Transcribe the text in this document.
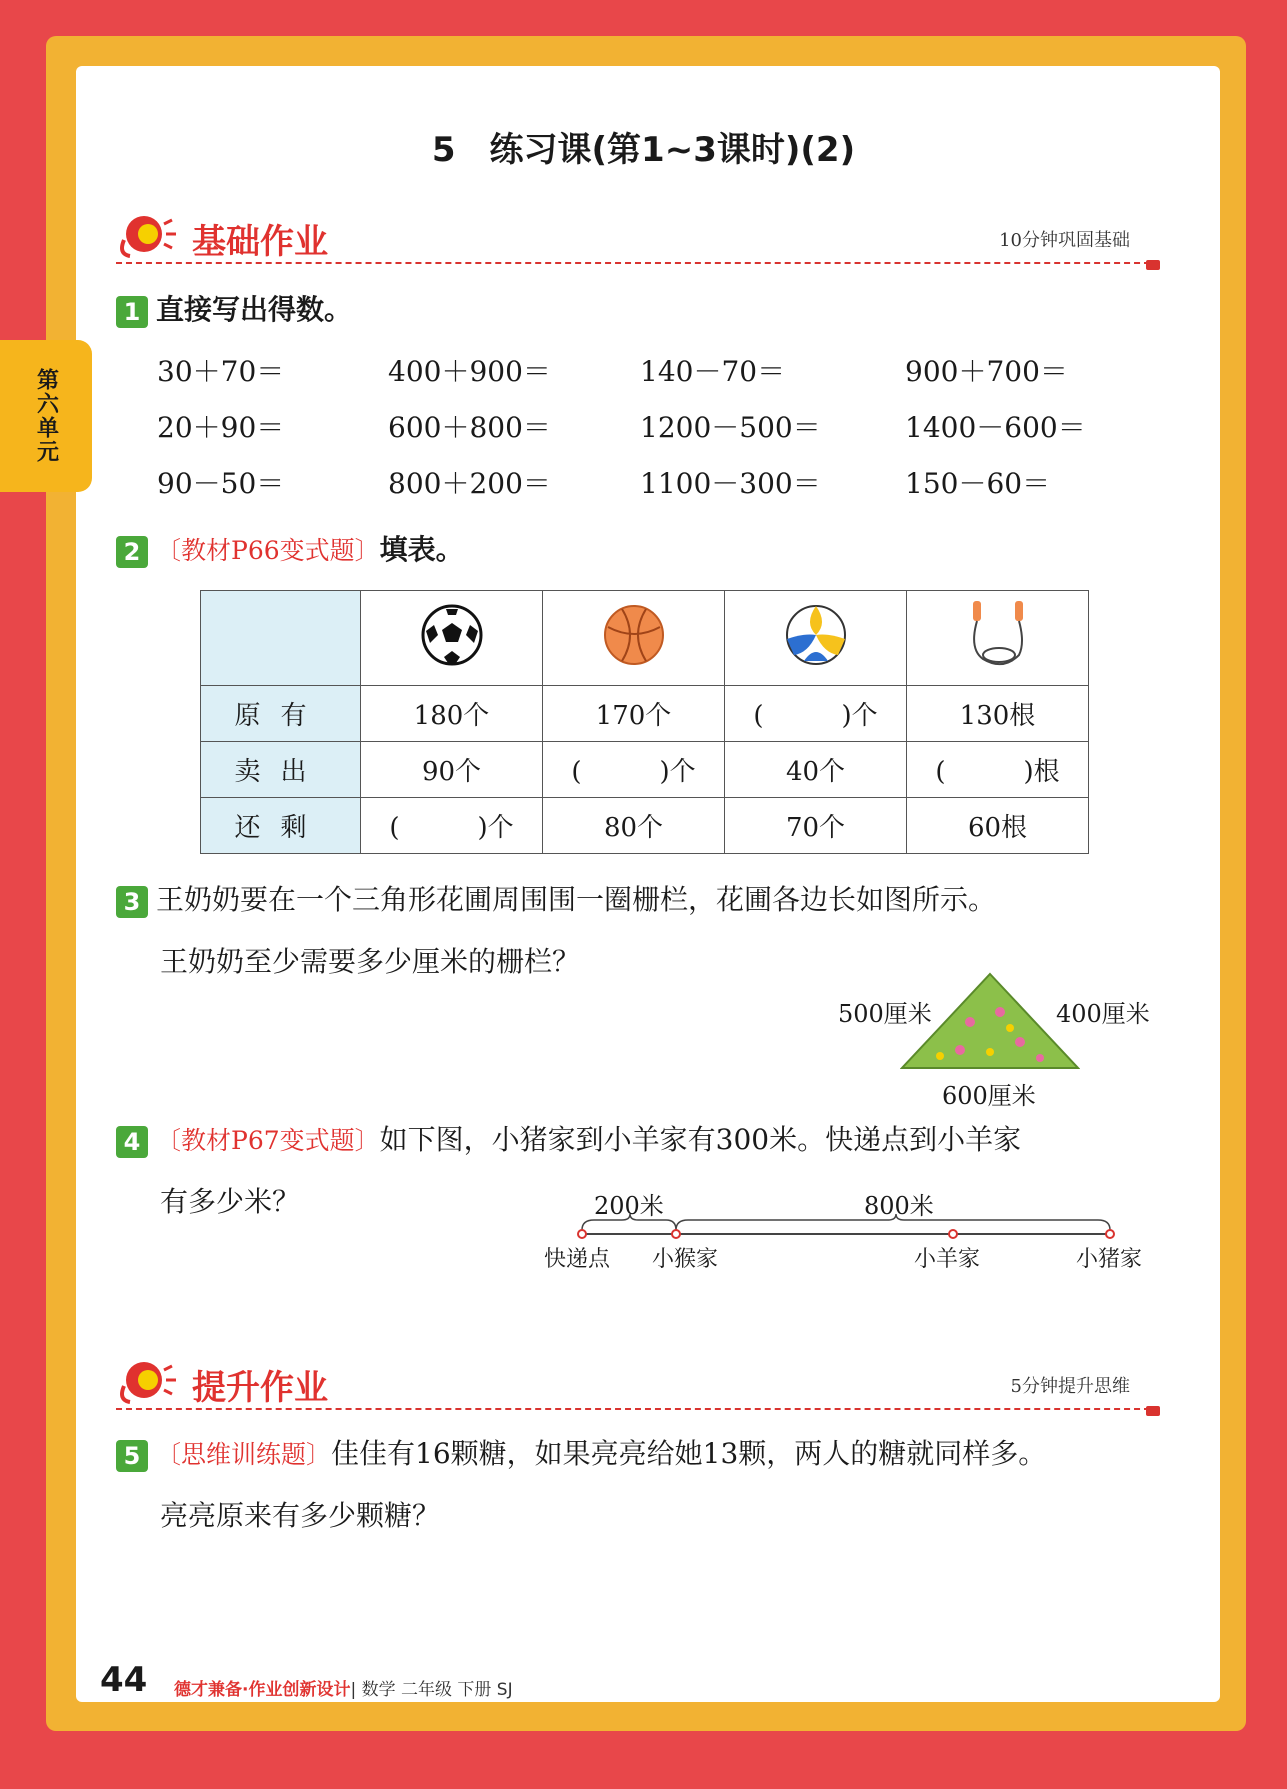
5　练习课(第1~3课时)(2)
第六单元
基础作业	10分钟巩固基础
1 直接写出得数。
30＋70＝	400＋900＝	140－70＝	900＋700＝
20＋90＝	600＋800＝	1200－500＝	1400－600＝
90－50＝	800＋200＝	1100－300＝	150－60＝
2 〔教材P66变式题〕填表。

原有	180个	170个	(　　　)个	130根
卖出	90个	(　　　)个	40个	(　　　)根
还剩	(　　　)个	80个	70个	60根
3 王奶奶要在一个三角形花圃周围围一圈栅栏，花圃各边长如图所示。
王奶奶至少需要多少厘米的栅栏？
500厘米	400厘米
600厘米
4 〔教材P67变式题〕如下图，小猪家到小羊家有300米。快递点到小羊家
有多少米？	200米	800米
快递点 小猴家	小羊家	小猪家
提升作业	5分钟提升思维
5 〔思维训练题〕佳佳有16颗糖，如果亮亮给她13颗，两人的糖就同样多。
亮亮原来有多少颗糖？
44 德才兼备·作业创新设计| 数学 二年级 下册 SJ
